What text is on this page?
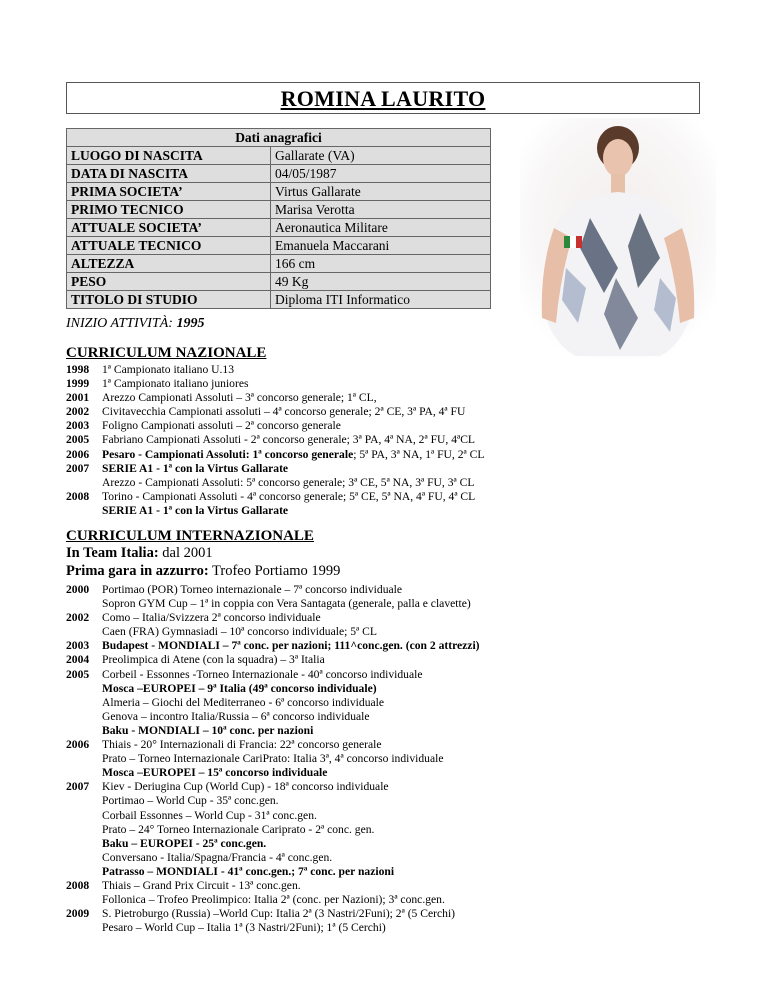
ROMINA LAURITO
Dati anagrafici	
LUOGO DI NASCITA	Gallarate (VA)
DATA DI NASCITA	04/05/1987
PRIMA SOCIETA’	Virtus Gallarate
PRIMO TECNICO	Marisa Verotta
ATTUALE SOCIETA’	Aeronautica Militare
ATTUALE TECNICO	Emanuela Maccarani
ALTEZZA	166 cm
PESO	49 Kg
TITOLO DI STUDIO	Diploma ITI Informatico
INIZIO ATTIVITÀ: 1995
CURRICULUM NAZIONALE
1998	1ª Campionato italiano U.13
1999	1ª Campionato italiano juniores
2001	Arezzo Campionati Assoluti – 3ª concorso generale; 1ª CL,
2002	Civitavecchia Campionati assoluti – 4ª concorso generale; 2ª CE, 3ª PA, 4ª FU
2003	Foligno Campionati assoluti – 2ª concorso generale
2005	Fabriano Campionati Assoluti - 2ª concorso generale; 3ª PA, 4ª NA, 2ª FU, 4ªCL
2006	Pesaro - Campionati Assoluti: 1ª concorso generale; 5ª PA, 3ª NA, 1ª FU, 2ª CL
2007	SERIE A1 - 1ª con la Virtus Gallarate
Arezzo - Campionati Assoluti: 5ª concorso generale; 3ª CE, 5ª NA, 3ª FU, 3ª CL
2008	Torino - Campionati Assoluti - 4ª concorso generale; 5ª CE, 5ª NA, 4ª FU, 4ª CL
SERIE A1 - 1ª con la Virtus Gallarate
CURRICULUM INTERNAZIONALE
In Team Italia: dal 2001
Prima gara in azzurro: Trofeo Portiamo 1999
2000	Portimao (POR) Torneo internazionale – 7ª concorso individuale
Sopron GYM Cup – 1ª in coppia con Vera Santagata (generale, palla e clavette)
2002	Como – Italia/Svizzera 2ª concorso individuale
Caen (FRA) Gymnasiadi – 10ª concorso individuale; 5ª CL
2003	Budapest - MONDIALI – 7ª conc. per nazioni; 111^conc.gen. (con 2 attrezzi)
2004	Preolimpica di Atene (con la squadra) – 3ª Italia
2005	Corbeil - Essonnes -Torneo Internazionale - 40ª concorso individuale
Mosca –EUROPEI – 9ª Italia (49ª concorso individuale)
Almeria – Giochi del Mediterraneo - 6ª concorso individuale
Genova – incontro Italia/Russia – 6ª concorso individuale
Baku - MONDIALI – 10ª conc. per nazioni
2006	Thiais - 20° Internazionali di Francia: 22ª concorso generale
Prato – Torneo Internazionale CariPrato: Italia 3ª, 4ª concorso individuale
Mosca –EUROPEI – 15ª concorso individuale
2007	Kiev - Deriugina Cup (World Cup) - 18ª concorso individuale
Portimao – World Cup - 35ª conc.gen.
Corbail Essonnes – World Cup - 31ª conc.gen.
Prato – 24° Torneo Internazionale Cariprato - 2ª conc. gen.
Baku – EUROPEI - 25ª conc.gen.
Conversano - Italia/Spagna/Francia - 4ª conc.gen.
Patrasso – MONDIALI - 41ª conc.gen.; 7ª conc. per nazioni
2008	Thiais – Grand Prix Circuit - 13ª conc.gen.
Follonica – Trofeo Preolimpico: Italia 2ª (conc. per Nazioni); 3ª conc.gen.
2009	S. Pietroburgo (Russia) –World Cup: Italia 2ª (3 Nastri/2Funi); 2ª (5 Cerchi)
Pesaro – World Cup – Italia 1ª (3 Nastri/2Funi); 1ª (5 Cerchi)
